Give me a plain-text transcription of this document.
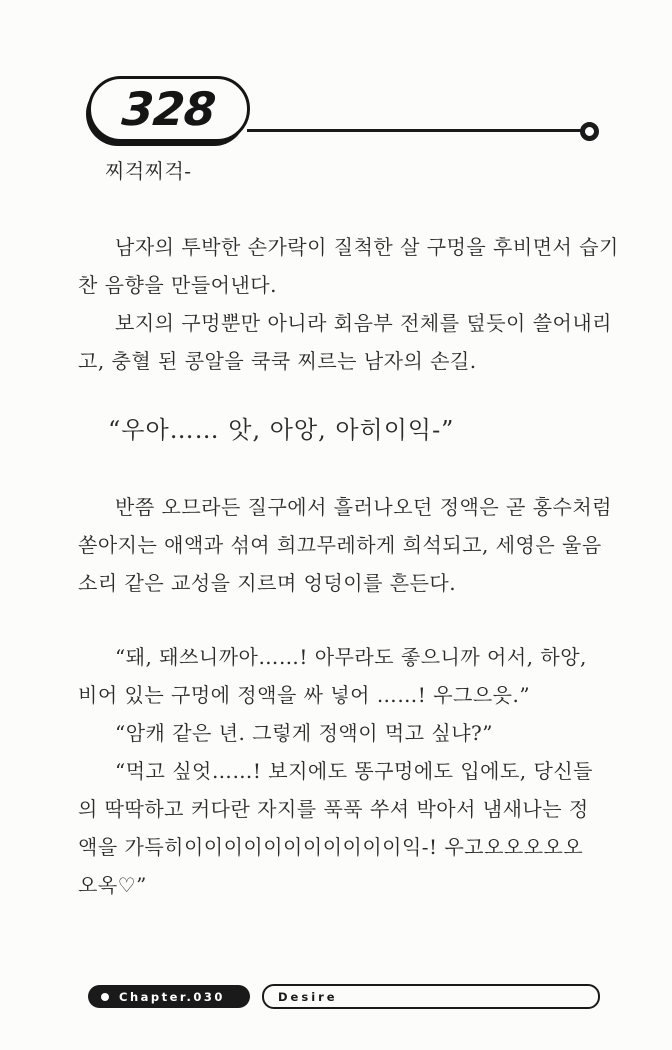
328
찌걱찌걱-
남자의 투박한 손가락이 질척한 살 구멍을 후비면서 습기
찬 음향을 만들어낸다.
보지의 구멍뿐만 아니라 회음부 전체를 덮듯이 쓸어내리
고, 충혈 된 콩알을 쿡쿡 찌르는 남자의 손길.
“우아…… 앗, 아앙, 아히이익-”
반쯤 오므라든 질구에서 흘러나오던 정액은 곧 홍수처럼
쏟아지는 애액과 섞여 희끄무레하게 희석되고, 세영은 울음
소리 같은 교성을 지르며 엉덩이를 흔든다.
“돼, 돼쓰니까아……! 아무라도 좋으니까 어서, 하앙,
비어 있는 구멍에 정액을 싸 넣어 ……! 우그으읏.”
“암캐 같은 년. 그렇게 정액이 먹고 싶냐?”
“먹고 싶엇……! 보지에도 똥구멍에도 입에도, 당신들
의 딱딱하고 커다란 자지를 푹푹 쑤셔 박아서 냄새나는 정
액을 가득히이이이이이이이이이이이익-! 우고오오오오오
오옥♡”
Chapter.030	Desire
